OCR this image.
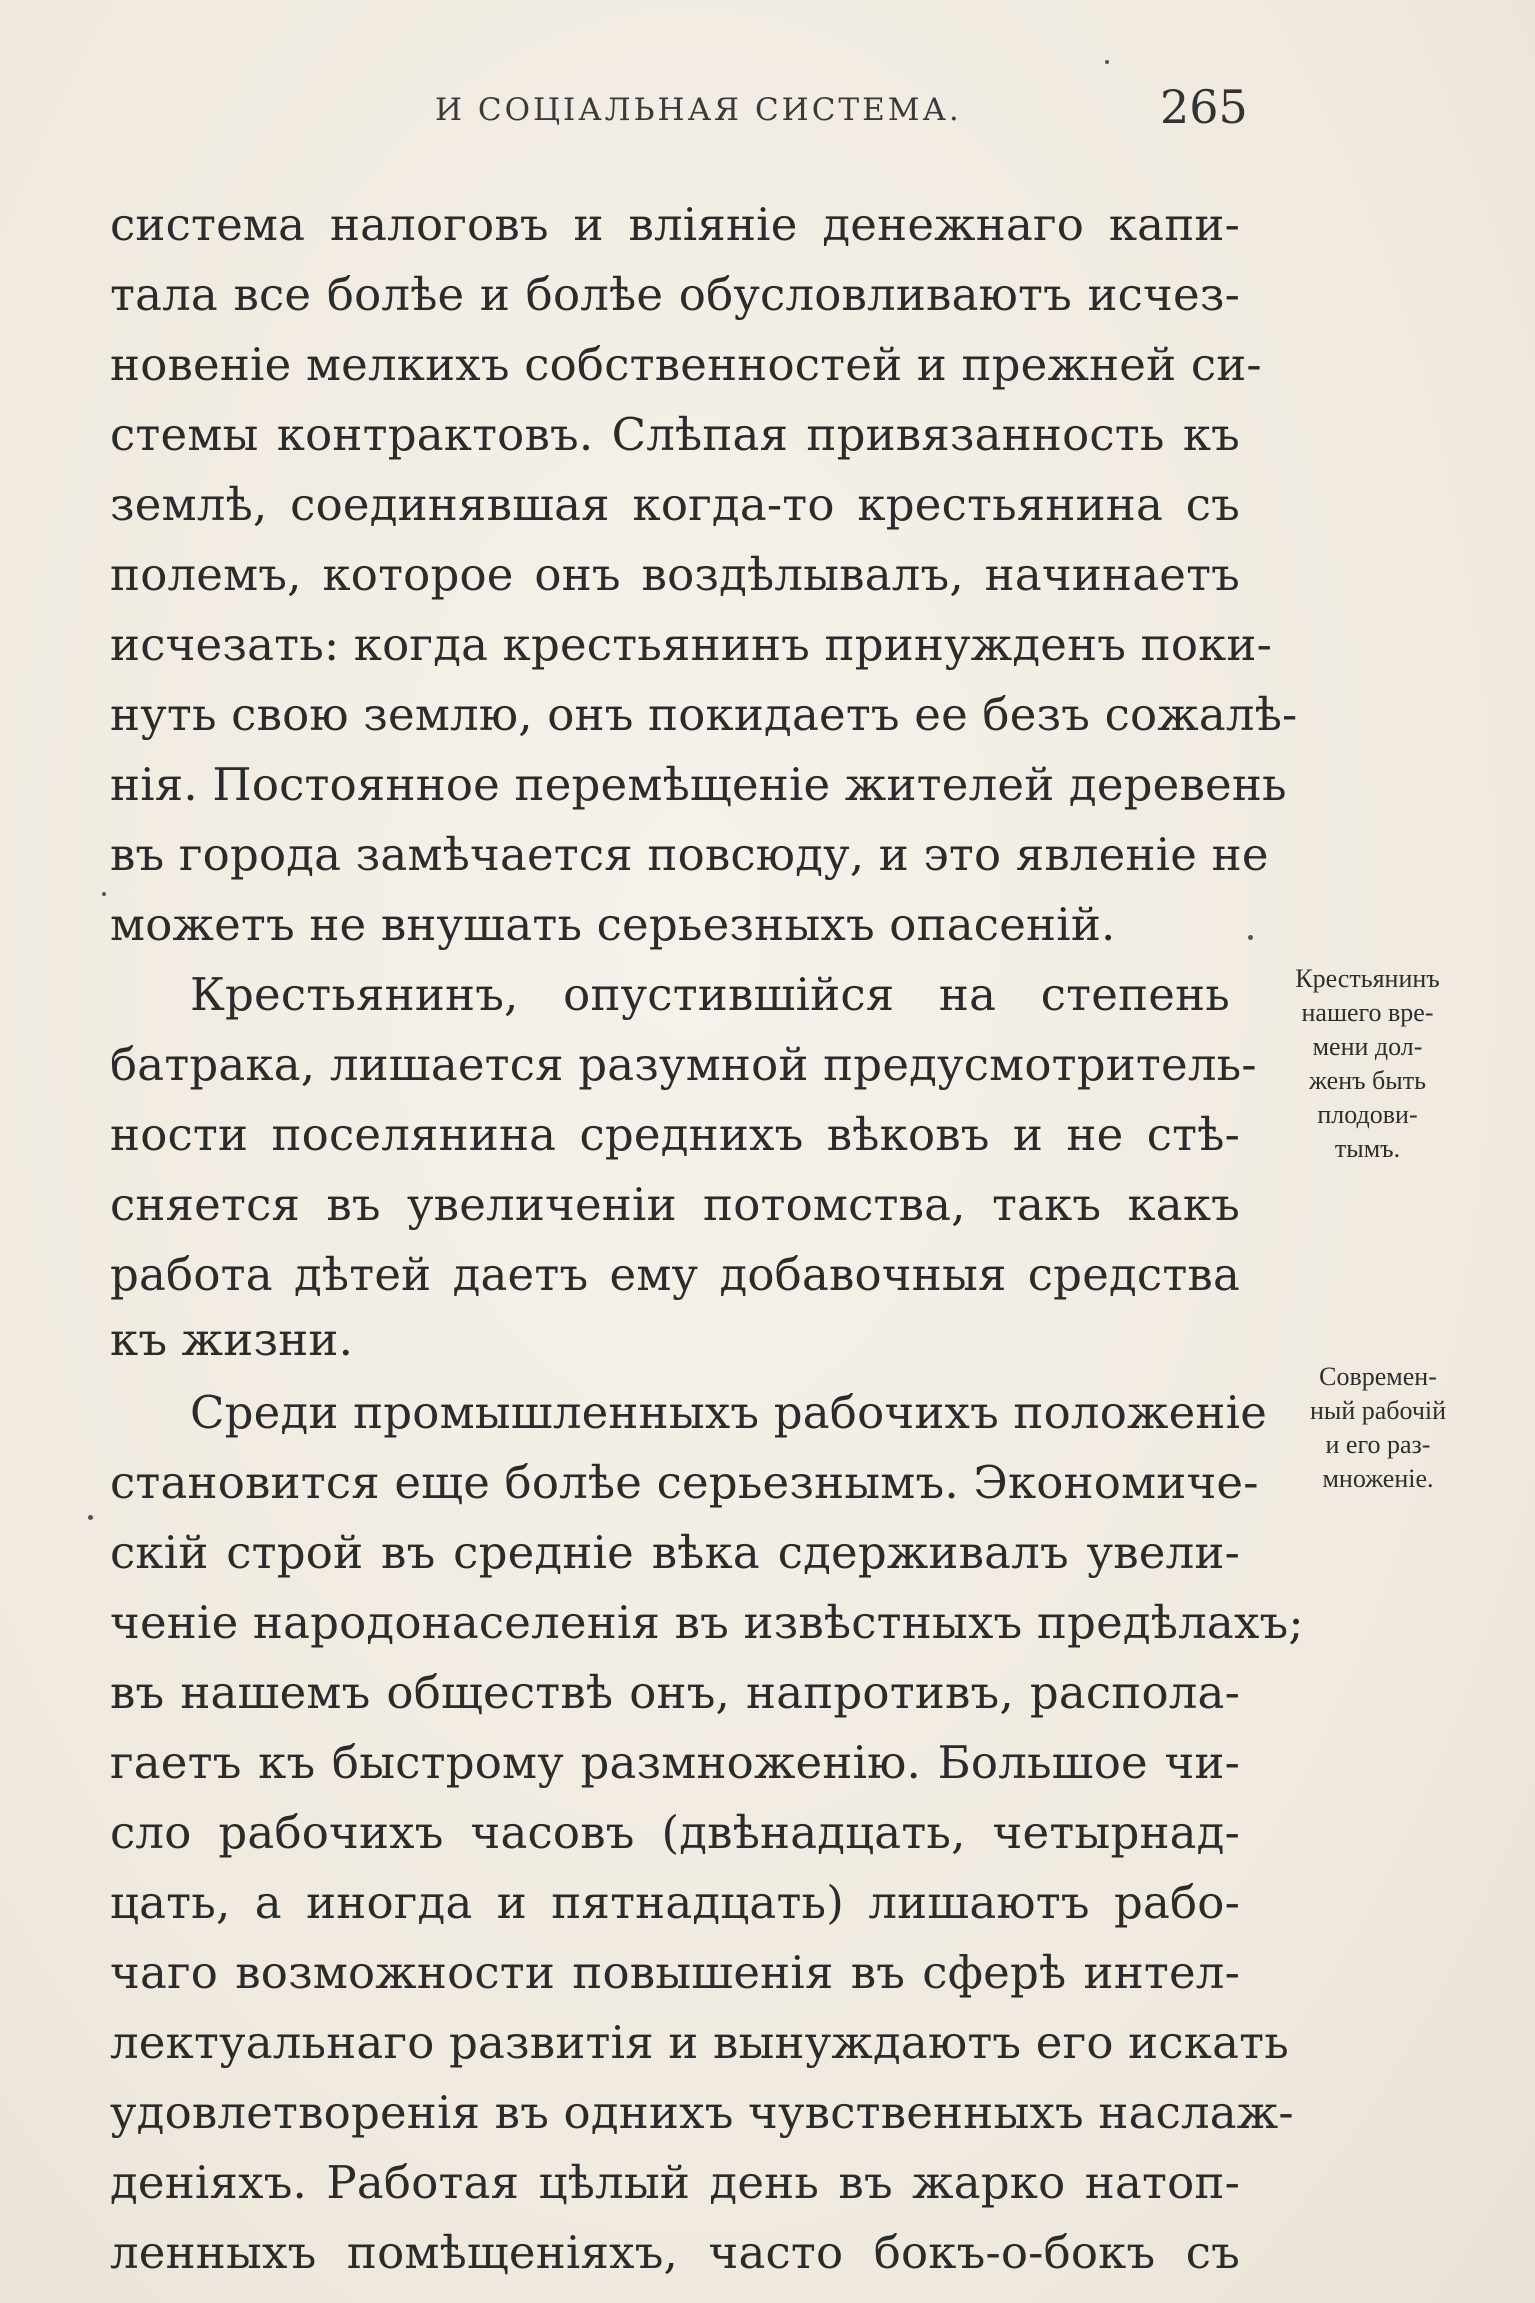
И СОЦІАЛЬНАЯ СИСТЕМА.	265
система налоговъ и вліяніе денежнаго капи-
тала все болѣе и болѣе обусловливаютъ исчез-
новеніе мелкихъ собственностей и прежней си-
стемы контрактовъ. Слѣпая привязанность къ
землѣ, соединявшая когда-то крестьянина съ
полемъ, которое онъ воздѣлывалъ, начинаетъ
исчезать: когда крестьянинъ принужденъ поки-
нуть свою землю, онъ покидаетъ ее безъ сожалѣ-
нія. Постоянное перемѣщеніе жителей деревень
въ города замѣчается повсюду, и это явленіе не
можетъ не внушать серьезныхъ опасеній.
Крестьянинъ, опустившійся на степень
батрака, лишается разумной предусмотритель-
ности поселянина среднихъ вѣковъ и не стѣ-
сняется въ увеличеніи потомства, такъ какъ
работа дѣтей даетъ ему добавочныя средства
къ жизни.
Среди промышленныхъ рабочихъ положеніе
становится еще болѣе серьезнымъ. Экономиче-
скій строй въ средніе вѣка сдерживалъ увели-
ченіе народонаселенія въ извѣстныхъ предѣлахъ;
въ нашемъ обществѣ онъ, напротивъ, распола-
гаетъ къ быстрому размноженію. Большое чи-
сло рабочихъ часовъ (двѣнадцать, четырнад-
цать, а иногда и пятнадцать) лишаютъ рабо-
чаго возможности повышенія въ сферѣ интел-
лектуальнаго развитія и вынуждаютъ его искать
удовлетворенія въ однихъ чувственныхъ наслаж-
деніяхъ. Работая цѣлый день въ жарко натоп-
ленныхъ помѣщеніяхъ, часто бокъ-о-бокъ съ
Крестьянинъ
нашего вре-
мени дол-
женъ быть
плодови-
тымъ.
Современ-
ный рабочій
и его раз-
множеніе.
